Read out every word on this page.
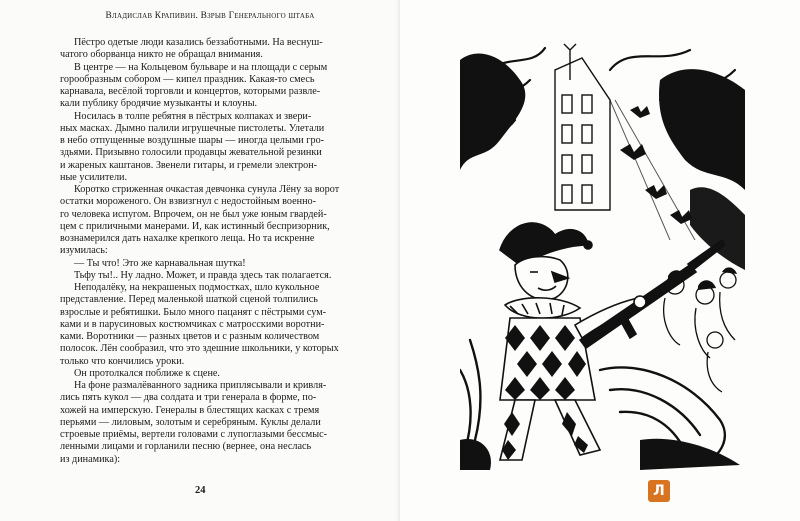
Владислав Крапивин. Взрыв Генерального штаба

Пёстро одетые люди казались беззаботными. На веснуш-

чатого оборванца никто не обращал внимания.

В центре — на Кольцевом бульваре и на площади с серым

горообразным собором — кипел праздник. Какая-то смесь

карнавала, весёлой торговли и концертов, которыми развле-

кали публику бродячие музыканты и клоуны.

Носилась в толпе ребятня в пёстрых колпаках и звери-

ных масках. Дымно палили игрушечные пистолеты. Улетали

в небо отпущенные воздушные шары — иногда целыми гро-

здьями. Призывно голосили продавцы жевательной резинки

и жареных каштанов. Звенели гитары, и гремели электрон-

ные усилители.

Коротко стриженная очкастая девчонка сунула Лёну за ворот

остатки мороженого. Он взвизгнул с недостойным военно-

го человека испугом. Впрочем, он не был уже юным гвардей-

цем с приличными манерами. И, как истинный беспризорник,

вознамерился дать нахалке крепкого леща. Но та искренне

изумилась:

— Ты что! Это же карнавальная шутка!

Тьфу ты!.. Ну ладно. Может, и правда здесь так полагается.

Неподалёку, на некрашеных подмостках, шло кукольное

представление. Перед маленькой шаткой сценой толпились

взрослые и ребятишки. Было много пацанят с пёстрыми сум-

ками и в парусиновых костюмчиках с матросскими воротни-

ками. Воротники — разных цветов и с разным количеством

полосок. Лён сообразил, что это здешние школьники, у которых

только что кончились уроки.

Он протолкался поближе к сцене.

На фоне размалёванного задника приплясывали и кривля-

лись пять кукол — два солдата и три генерала в форме, по-

хожей на имперскую. Генералы в блестящих касках с тремя

перьями — лиловым, золотым и серебряным. Куклы делали

строевые приёмы, вертели головами с лупоглазыми бессмыс-

ленными лицами и горланили песню (вернее, она неслась

из динамика):

24	Л
